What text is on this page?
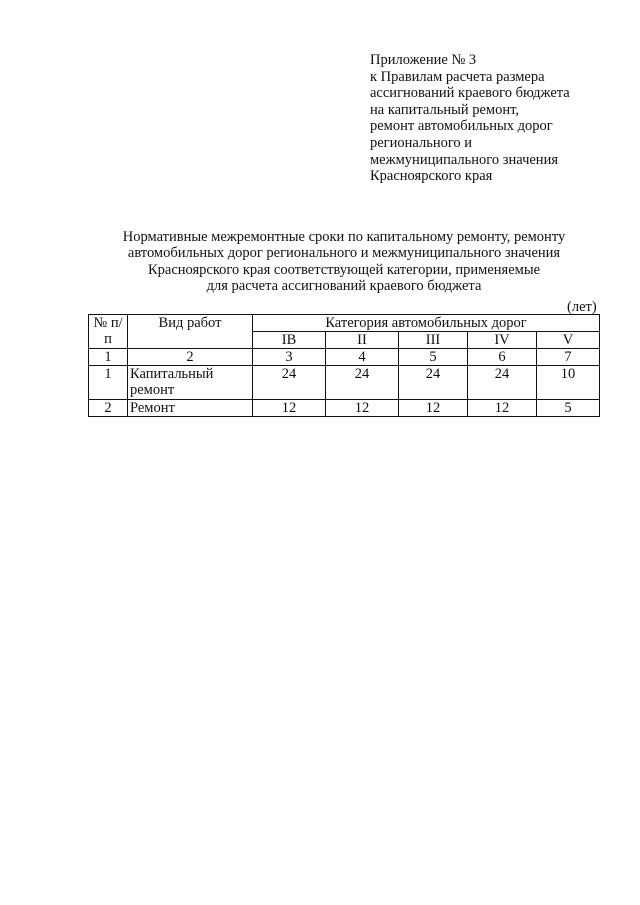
Приложение № 3
к Правилам расчета размера
ассигнований краевого бюджета
на капитальный ремонт,
ремонт автомобильных дорог
регионального и
межмуниципального значения
Красноярского края
Нормативные межремонтные сроки по капитальному ремонту, ремонту
автомобильных дорог регионального и межмуниципального значения
Красноярского края соответствующей категории, применяемые
для расчета ассигнований краевого бюджета
(лет)
№ п/п	Вид работ	Категория автомобильных дорог				
		IB	II	III	IV	V
1	2	3	4	5	6	7
1	Капитальный ремонт	24	24	24	24	10
2	Ремонт	12	12	12	12	5
